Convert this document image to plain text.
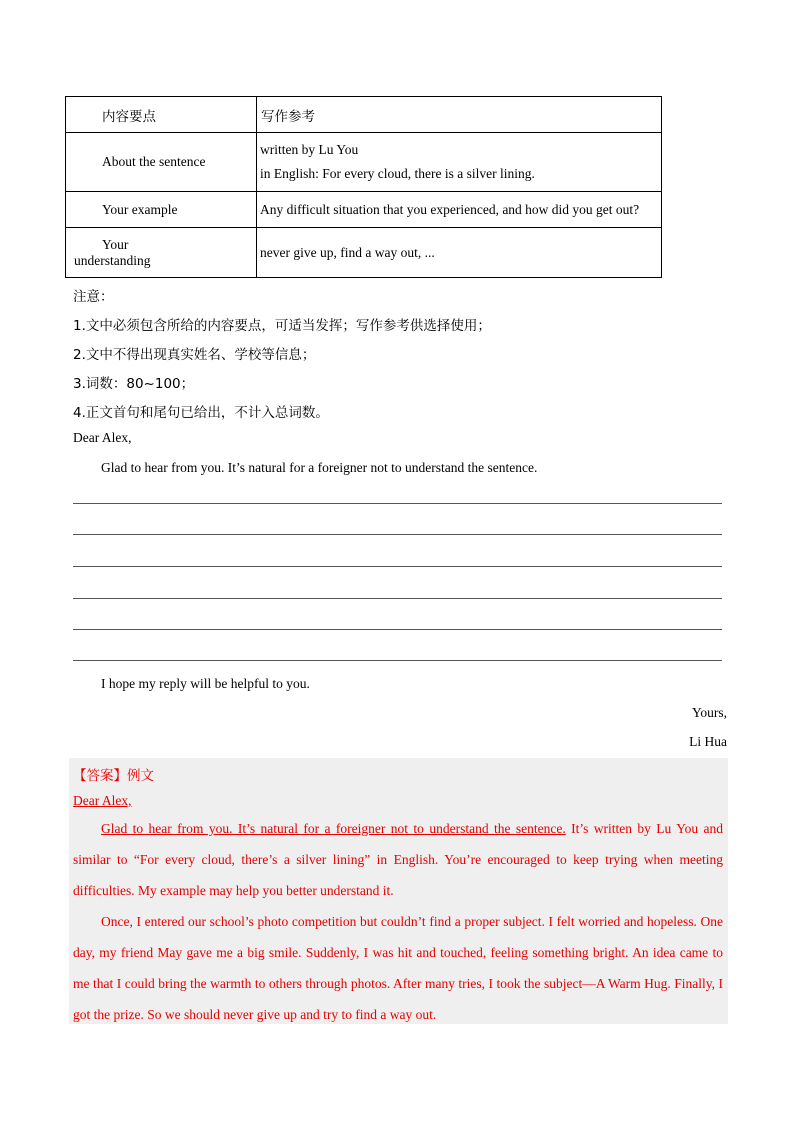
内容要点	写作参考

About the sentence	written by Lu You
in English: For every cloud, there is a silver lining.

Your example	Any difficult situation that you experienced, and how did you get out?

Your understanding	never give up, find a way out, ...
注意：
1.文中必须包含所给的内容要点，可适当发挥；写作参考供选择使用；
2.文中不得出现真实姓名、学校等信息；
3.词数：80~100；
4.正文首句和尾句已给出，不计入总词数。
Dear Alex,
Glad to hear from you. It’s natural for a foreigner not to understand the sentence.
I hope my reply will be helpful to you.
Yours,
Li Hua
【答案】例文
Dear Alex,
Glad to hear from you. It’s natural for a foreigner not to understand the sentence. It’s written by Lu You and similar to “For every cloud, there’s a silver lining” in English. You’re encouraged to keep trying when meeting difficulties. My example may help you better understand it.
Once, I entered our school’s photo competition but couldn’t find a proper subject. I felt worried and hopeless. One day, my friend May gave me a big smile. Suddenly, I was hit and touched, feeling something bright. An idea came to me that I could bring the warmth to others through photos. After many tries, I took the subject—A Warm Hug. Finally, I got the prize. So we should never give up and try to find a way out.
